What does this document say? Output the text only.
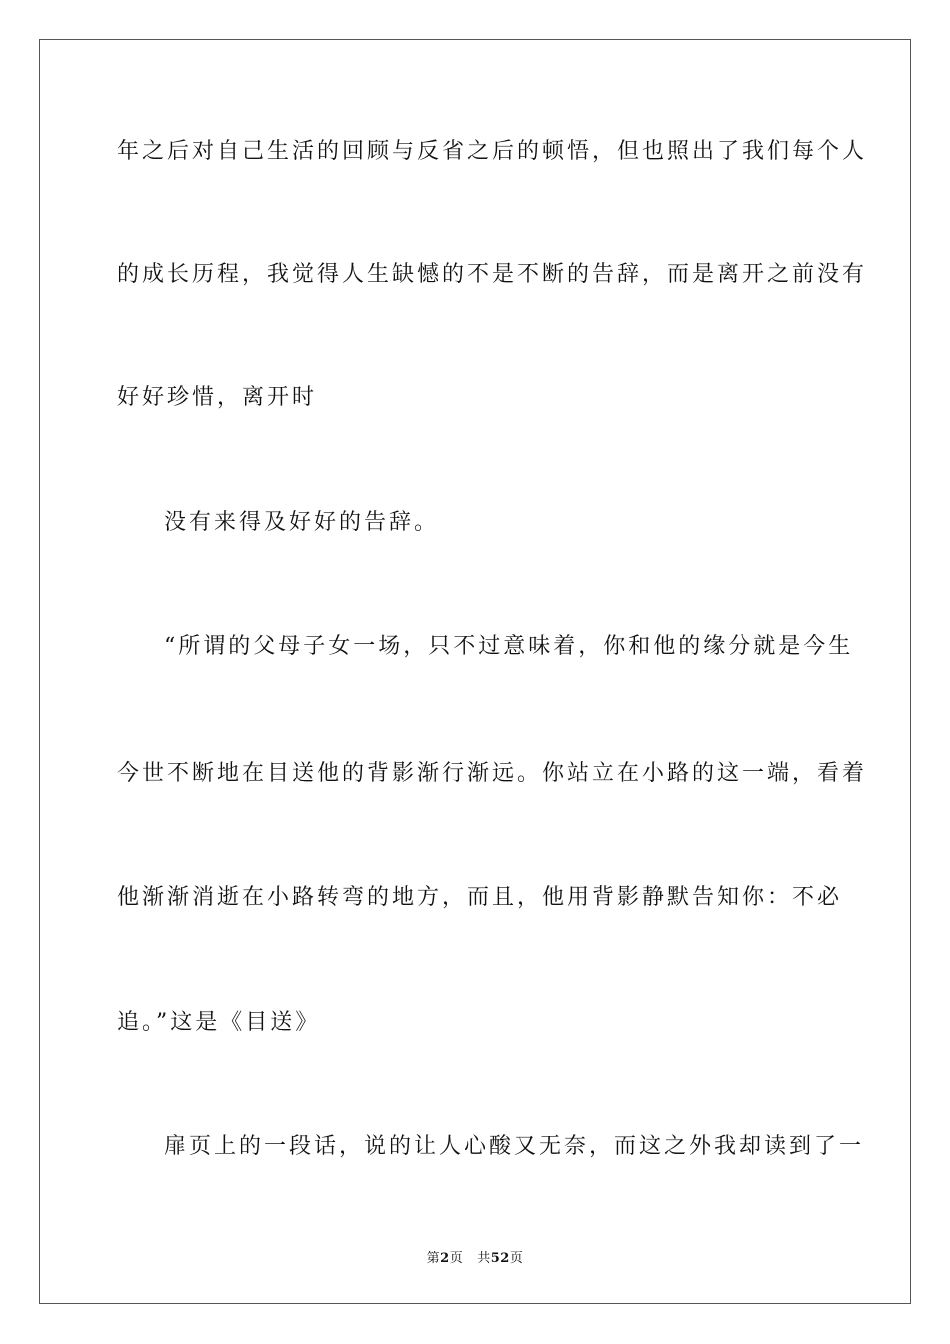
年之后对自己生活的回顾与反省之后的顿悟，但也照出了我们每个人
的成长历程，我觉得人生缺憾的不是不断的告辞，而是离开之前没有
好好珍惜，离开时
没有来得及好好的告辞。
“所谓的父母子女一场，只不过意味着，你和他的缘分就是今生
今世不断地在目送他的背影渐行渐远。你站立在小路的这一端，看着
他渐渐消逝在小路转弯的地方，而且，他用背影静默告知你：不必
追。”这是《目送》
扉页上的一段话，说的让人心酸又无奈，而这之外我却读到了一
第2页 共52页
